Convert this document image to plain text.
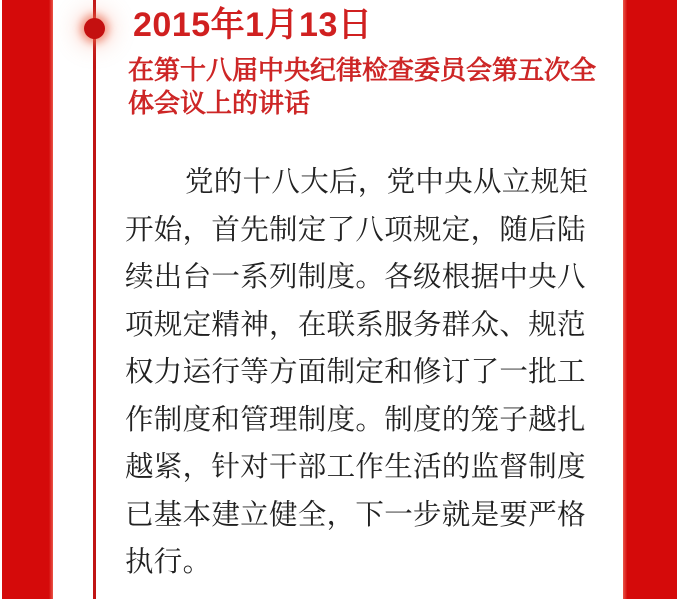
2015年1月13日
在第十八届中央纪律检查委员会第五次全
体会议上的讲话
党的十八大后，党中央从立规矩
开始，首先制定了八项规定，随后陆
续出台一系列制度。各级根据中央八
项规定精神，在联系服务群众、规范
权力运行等方面制定和修订了一批工
作制度和管理制度。制度的笼子越扎
越紧，针对干部工作生活的监督制度
已基本建立健全，下一步就是要严格
执行。
